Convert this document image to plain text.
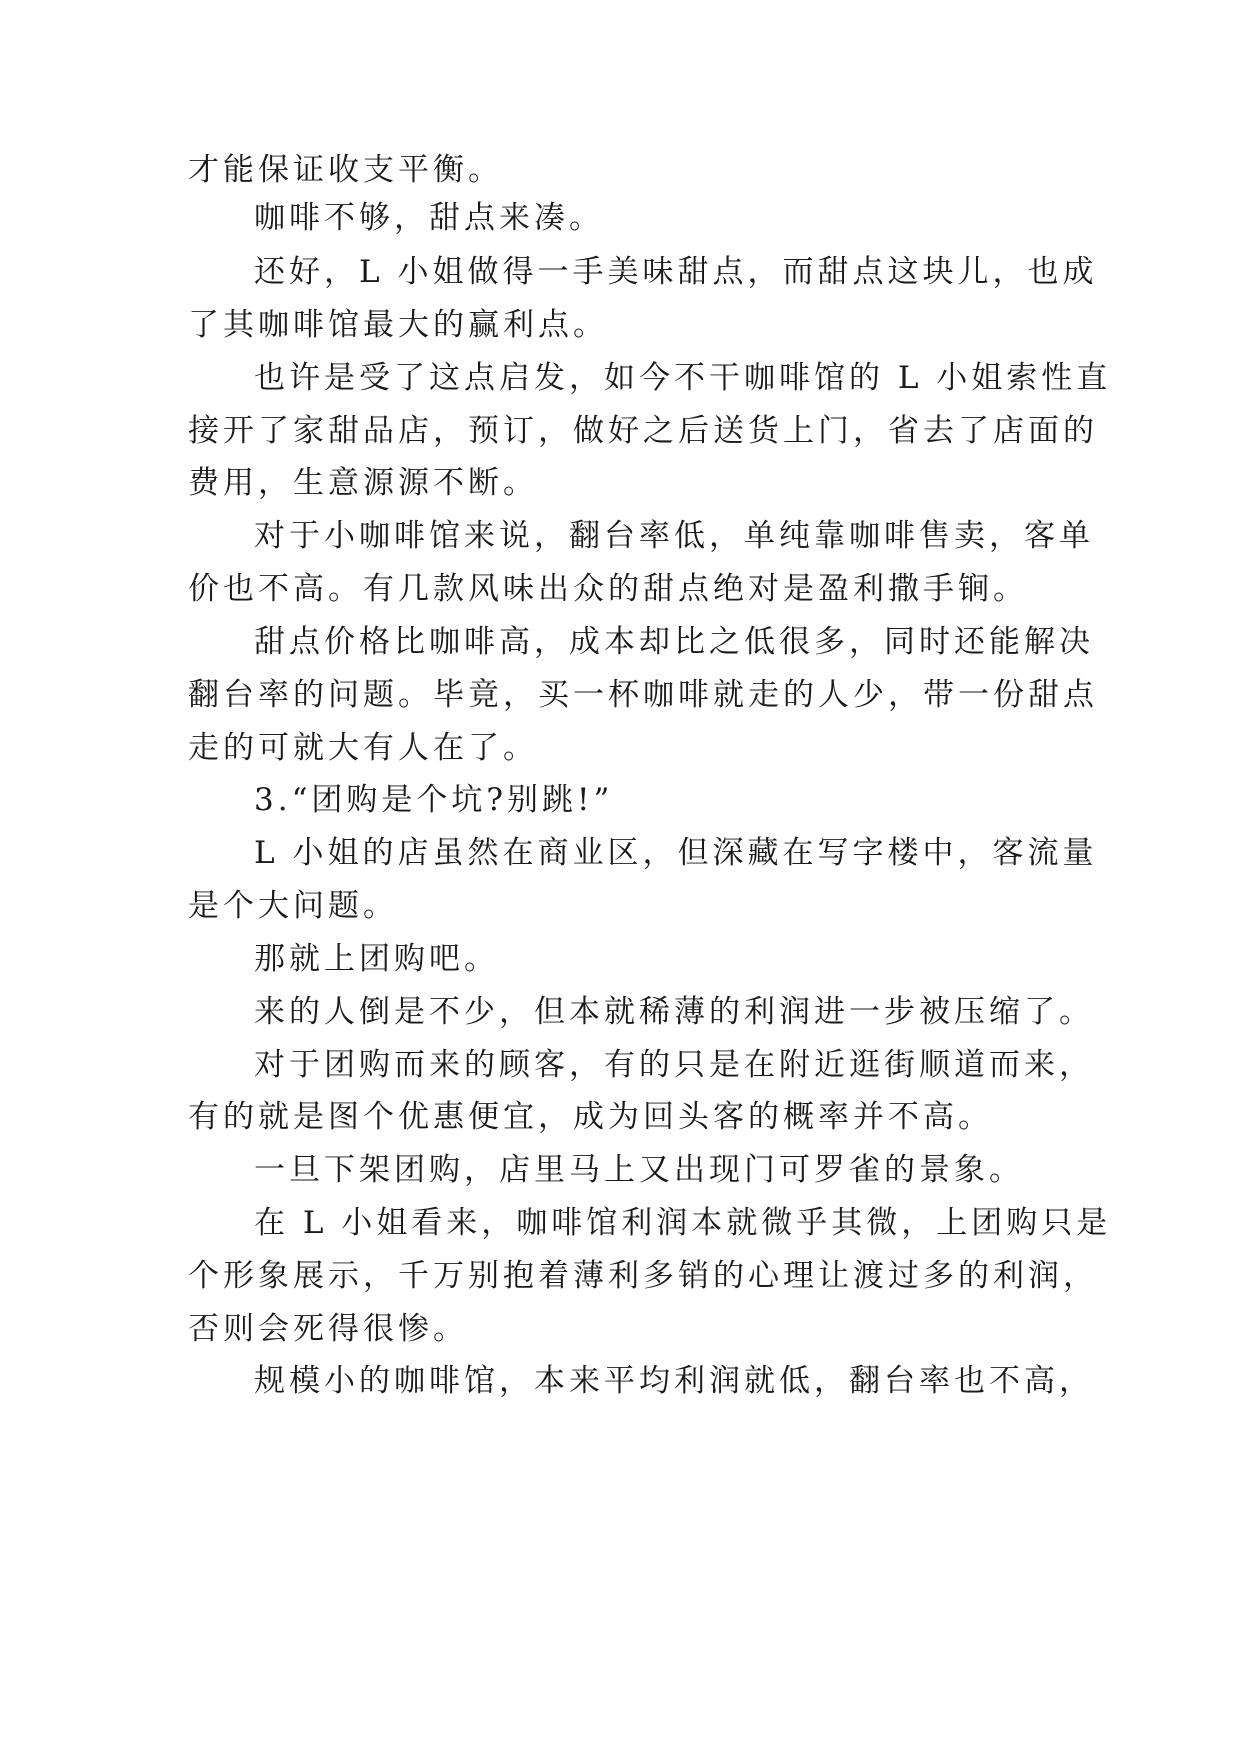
才能保证收支平衡。
咖啡不够，甜点来凑。
还好，L 小姐做得一手美味甜点，而甜点这块儿，也成
了其咖啡馆最大的赢利点。
也许是受了这点启发，如今不干咖啡馆的 L 小姐索性直
接开了家甜品店，预订，做好之后送货上门，省去了店面的
费用，生意源源不断。
对于小咖啡馆来说，翻台率低，单纯靠咖啡售卖，客单
价也不高。有几款风味出众的甜点绝对是盈利撒手锏。
甜点价格比咖啡高，成本却比之低很多，同时还能解决
翻台率的问题。毕竟，买一杯咖啡就走的人少，带一份甜点
走的可就大有人在了。
3.“团购是个坑?别跳!”
L 小姐的店虽然在商业区，但深藏在写字楼中，客流量
是个大问题。
那就上团购吧。
来的人倒是不少，但本就稀薄的利润进一步被压缩了。
对于团购而来的顾客，有的只是在附近逛街顺道而来，
有的就是图个优惠便宜，成为回头客的概率并不高。
一旦下架团购，店里马上又出现门可罗雀的景象。
在 L 小姐看来，咖啡馆利润本就微乎其微，上团购只是
个形象展示，千万别抱着薄利多销的心理让渡过多的利润，
否则会死得很惨。
规模小的咖啡馆，本来平均利润就低，翻台率也不高，
